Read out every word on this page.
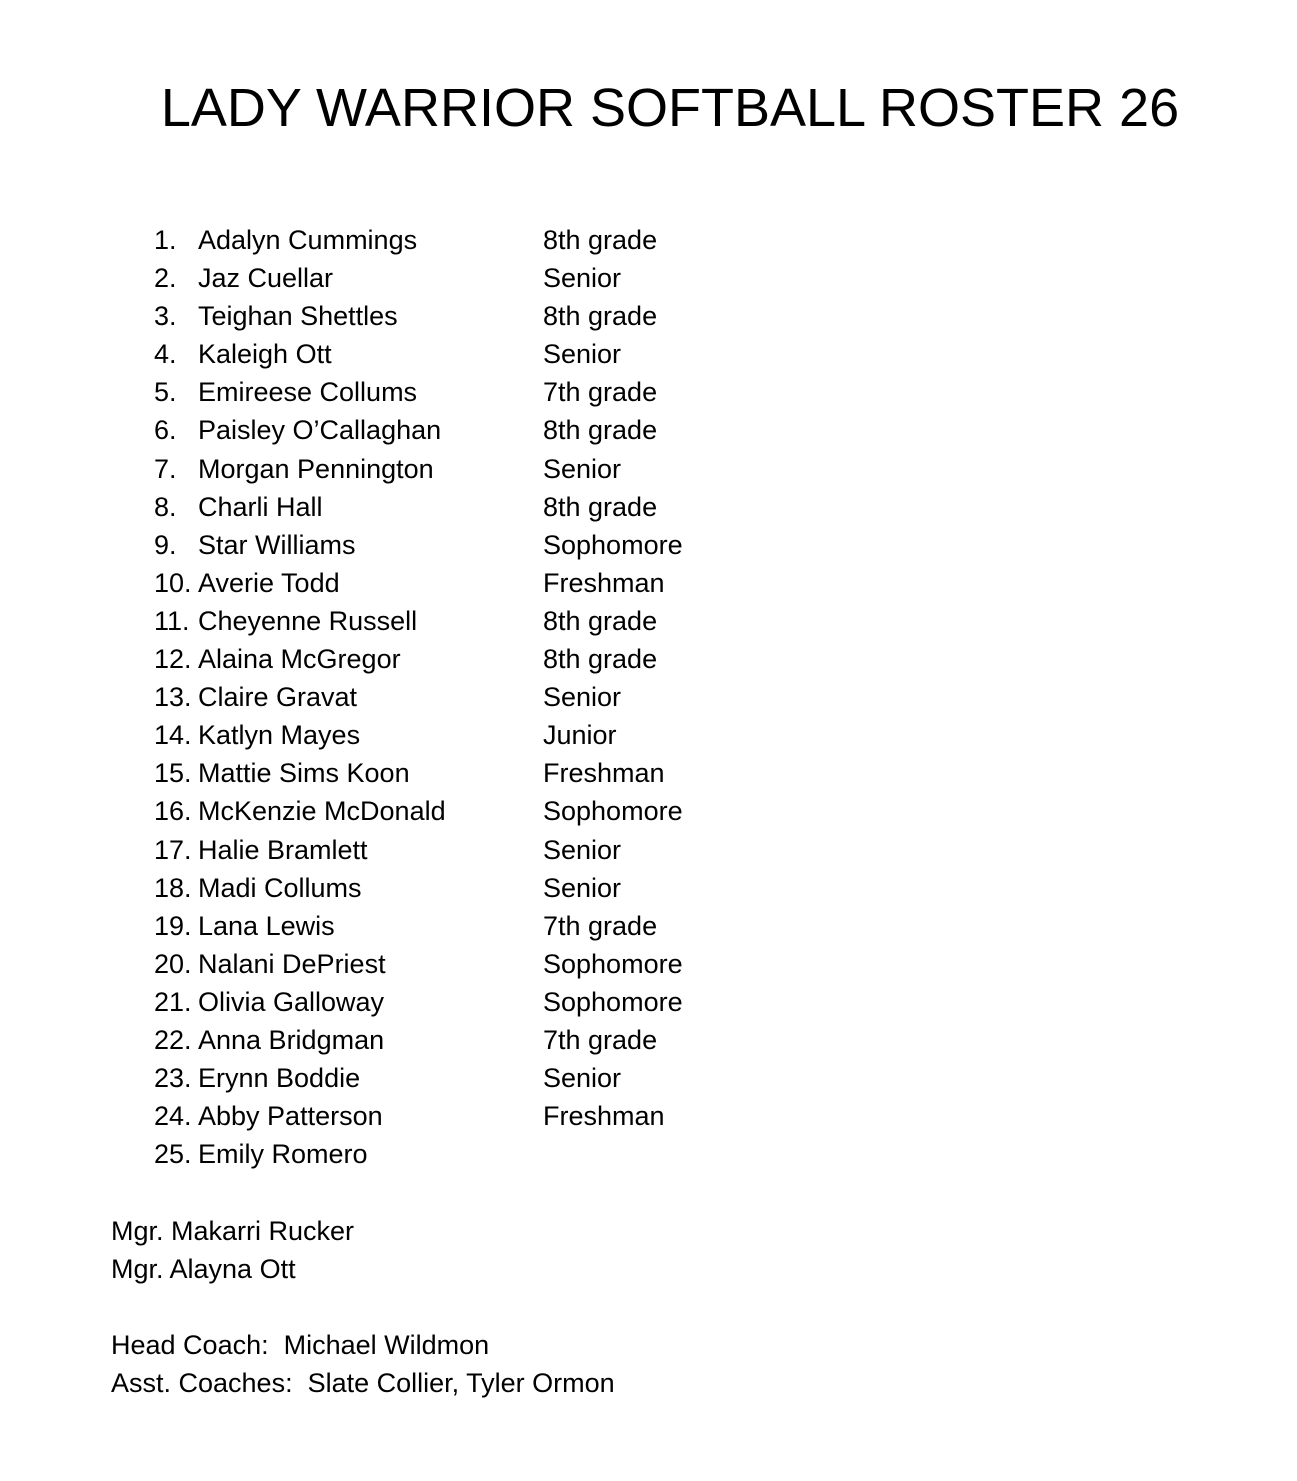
LADY WARRIOR SOFTBALL ROSTER 26
1. Adalyn Cummings	8th grade
2. Jaz Cuellar	Senior
3. Teighan Shettles	8th grade
4. Kaleigh Ott	Senior
5. Emireese Collums	7th grade
6. Paisley O’Callaghan	8th grade
7. Morgan Pennington	Senior
8. Charli Hall	8th grade
9. Star Williams	Sophomore
10. Averie Todd	Freshman
11. Cheyenne Russell	8th grade
12. Alaina McGregor	8th grade
13. Claire Gravat	Senior
14. Katlyn Mayes	Junior
15. Mattie Sims Koon	Freshman
16. McKenzie McDonald	Sophomore
17. Halie Bramlett	Senior
18. Madi Collums	Senior
19. Lana Lewis	7th grade
20. Nalani DePriest	Sophomore
21. Olivia Galloway	Sophomore
22. Anna Bridgman	7th grade
23. Erynn Boddie	Senior
24. Abby Patterson	Freshman
25. Emily Romero
Mgr. Makarri Rucker
Mgr. Alayna Ott
Head Coach:  Michael Wildmon
Asst. Coaches:  Slate Collier, Tyler Ormon
